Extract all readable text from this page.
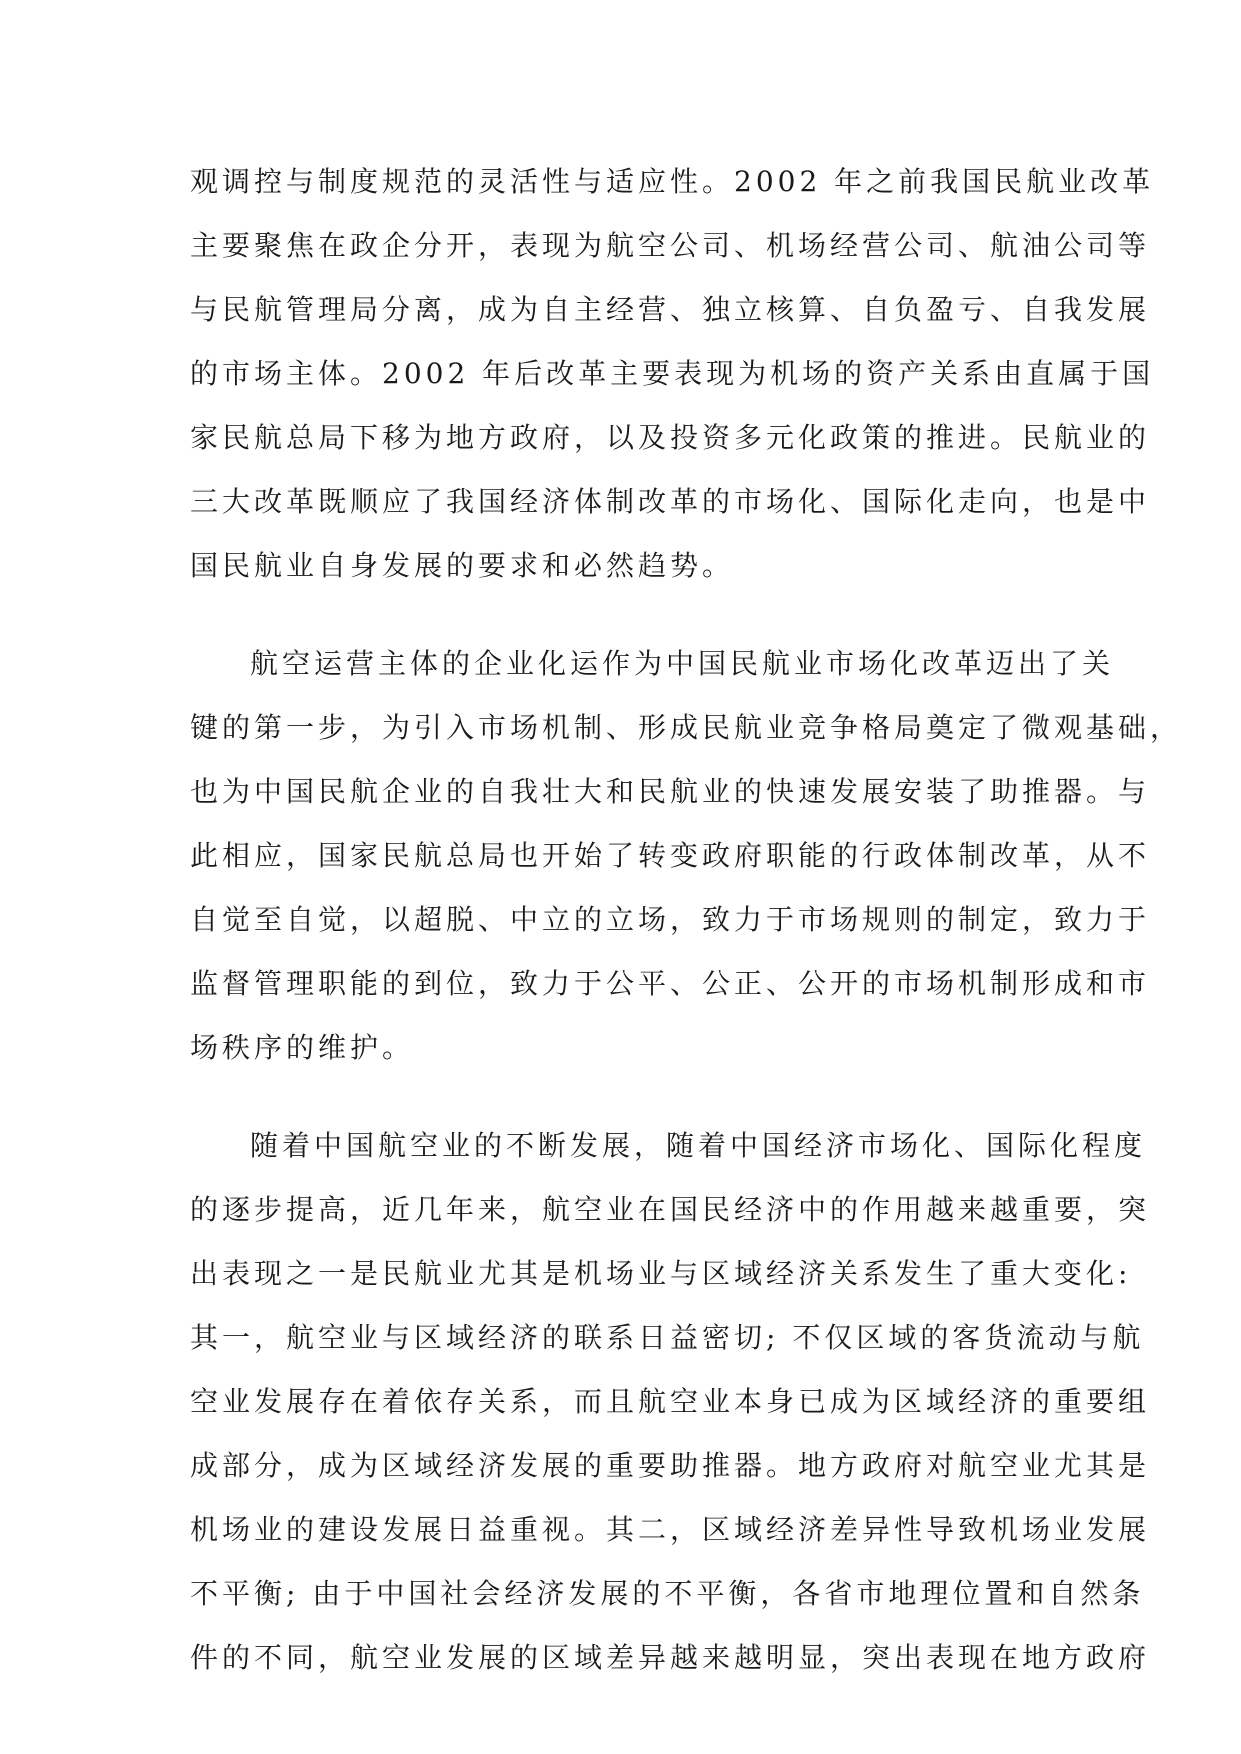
观调控与制度规范的灵活性与适应性。2002 年之前我国民航业改革
主要聚焦在政企分开，表现为航空公司、机场经营公司、航油公司等
与民航管理局分离，成为自主经营、独立核算、自负盈亏、自我发展
的市场主体。2002 年后改革主要表现为机场的资产关系由直属于国
家民航总局下移为地方政府，以及投资多元化政策的推进。民航业的
三大改革既顺应了我国经济体制改革的市场化、国际化走向，也是中
国民航业自身发展的要求和必然趋势。
航空运营主体的企业化运作为中国民航业市场化改革迈出了关
键的第一步，为引入市场机制、形成民航业竞争格局奠定了微观基础，
也为中国民航企业的自我壮大和民航业的快速发展安装了助推器。与
此相应，国家民航总局也开始了转变政府职能的行政体制改革，从不
自觉至自觉，以超脱、中立的立场，致力于市场规则的制定，致力于
监督管理职能的到位，致力于公平、公正、公开的市场机制形成和市
场秩序的维护。
随着中国航空业的不断发展，随着中国经济市场化、国际化程度
的逐步提高，近几年来，航空业在国民经济中的作用越来越重要，突
出表现之一是民航业尤其是机场业与区域经济关系发生了重大变化:
其一，航空业与区域经济的联系日益密切; 不仅区域的客货流动与航
空业发展存在着依存关系，而且航空业本身已成为区域经济的重要组
成部分，成为区域经济发展的重要助推器。地方政府对航空业尤其是
机场业的建设发展日益重视。其二，区域经济差异性导致机场业发展
不平衡; 由于中国社会经济发展的不平衡，各省市地理位置和自然条
件的不同，航空业发展的区域差异越来越明显，突出表现在地方政府
